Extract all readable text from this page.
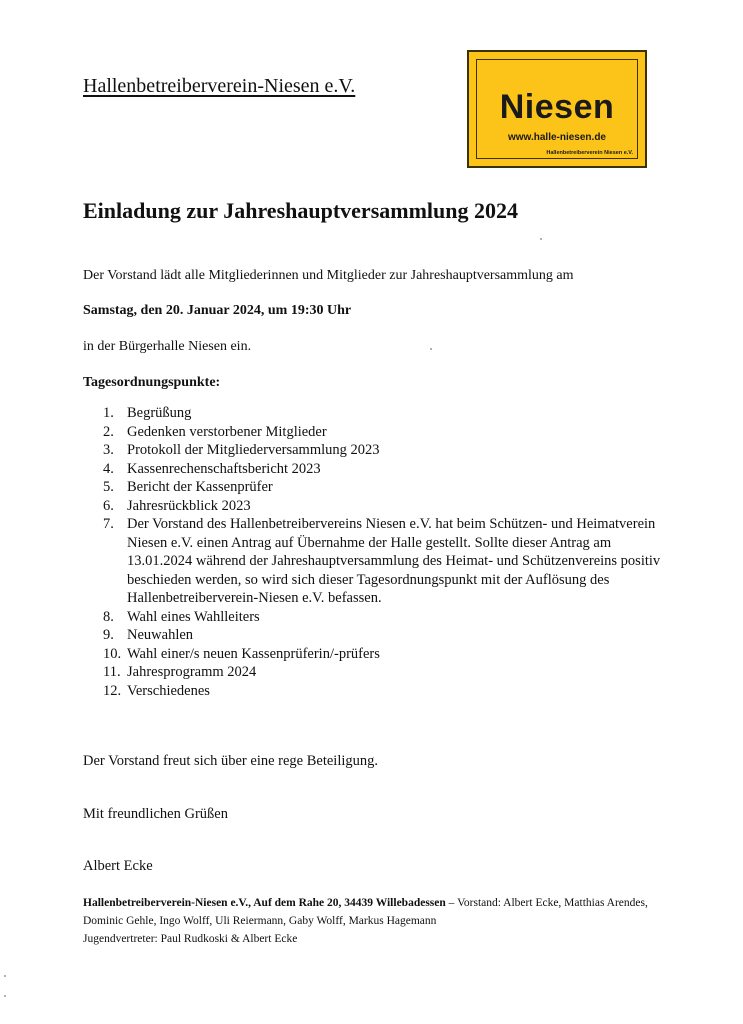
Hallenbetreiberverein-Niesen e.V.
Niesen
www.halle-niesen.de
Hallenbetreiberverein Niesen e.V.
Einladung zur Jahreshauptversammlung 2024
Der Vorstand lädt alle Mitgliederinnen und Mitglieder zur Jahreshauptversammlung am
Samstag, den 20. Januar 2024, um 19:30 Uhr
in der Bürgerhalle Niesen ein.
Tagesordnungspunkte:
1. Begrüßung
2. Gedenken verstorbener Mitglieder
3. Protokoll der Mitgliederversammlung 2023
4. Kassenrechenschaftsbericht 2023
5. Bericht der Kassenprüfer
6. Jahresrückblick 2023
7. Der Vorstand des Hallenbetreibervereins Niesen e.V. hat beim Schützen- und Heimatverein Niesen e.V. einen Antrag auf Übernahme der Halle gestellt. Sollte dieser Antrag am 13.01.2024 während der Jahreshauptversammlung des Heimat- und Schützenvereins positiv beschieden werden, so wird sich dieser Tagesordnungspunkt mit der Auflösung des Hallenbetreiberverein-Niesen e.V. befassen.
8. Wahl eines Wahlleiters
9. Neuwahlen
10. Wahl einer/s neuen Kassenprüferin/-prüfers
11. Jahresprogramm 2024
12. Verschiedenes
Der Vorstand freut sich über eine rege Beteiligung.
Mit freundlichen Grüßen
Albert Ecke
Hallenbetreiberverein-Niesen e.V., Auf dem Rahe 20, 34439 Willebadessen – Vorstand: Albert Ecke, Matthias Arendes, Dominic Gehle, Ingo Wolff, Uli Reiermann, Gaby Wolff, Markus Hagemann
Jugendvertreter: Paul Rudkoski & Albert Ecke
